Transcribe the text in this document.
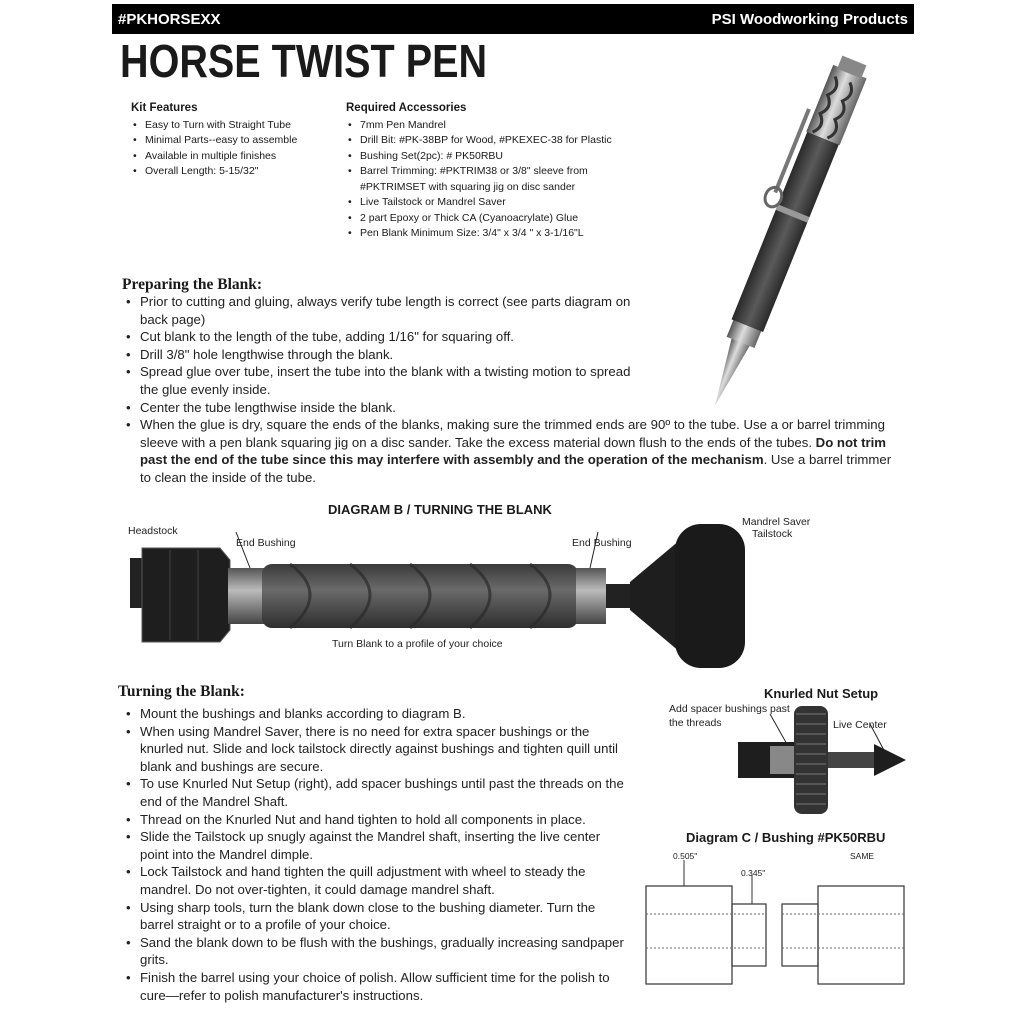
#PKHORSEXX	PSI Woodworking Products
HORSE TWIST PEN
Kit Features
• Easy to Turn with Straight Tube
• Minimal Parts--easy to assemble
• Available in multiple finishes
• Overall Length: 5-15/32"
Required Accessories
• 7mm Pen Mandrel
• Drill Bit: #PK-38BP for Wood, #PKEXEC-38 for Plastic
• Bushing Set(2pc): # PK50RBU
• Barrel Trimming: #PKTRIM38 or 3/8" sleeve from #PKTRIMSET with squaring jig on disc sander
• Live Tailstock or Mandrel Saver
• 2 part Epoxy or Thick CA (Cyanoacrylate) Glue
• Pen Blank Minimum Size: 3/4" x 3/4 " x 3-1/16"L
Preparing the Blank:
• Prior to cutting and gluing, always verify tube length is correct (see parts diagram on back page)
• Cut blank to the length of the tube, adding 1/16" for squaring off.
• Drill 3/8" hole lengthwise through the blank.
• Spread glue over tube, insert the tube into the blank with a twisting motion to spread the glue evenly inside.
• Center the tube lengthwise inside the blank.
• When the glue is dry, square the ends of the blanks, making sure the trimmed ends are 90º to the tube. Use a or barrel trimming sleeve with a pen blank squaring jig on a disc sander. Take the excess material down flush to the ends of the tubes. Do not trim past the end of the tube since this may interfere with assembly and the operation of the mechanism. Use a barrel trimmer to clean the inside of the tube.
DIAGRAM B / TURNING THE BLANK
Headstock
End Bushing	End Bushing
Mandrel Saver
Tailstock
Turn Blank to a profile of your choice
Turning the Blank:
• Mount the bushings and blanks according to diagram B.
• When using Mandrel Saver, there is no need for extra spacer bushings or the knurled nut. Slide and lock tailstock directly against bushings and tighten quill until blank and bushings are secure.
• To use Knurled Nut Setup (right), add spacer bushings until past the threads on the end of the Mandrel Shaft.
• Thread on the Knurled Nut and hand tighten to hold all components in place.
• Slide the Tailstock up snugly against the Mandrel shaft, inserting the live center point into the Mandrel dimple.
• Lock Tailstock and hand tighten the quill adjustment with wheel to steady the mandrel. Do not over-tighten, it could damage mandrel shaft.
• Using sharp tools, turn the blank down close to the bushing diameter. Turn the barrel straight or to a profile of your choice.
• Sand the blank down to be flush with the bushings, gradually increasing sandpaper grits.
• Finish the barrel using your choice of polish. Allow sufficient time for the polish to cure—refer to polish manufacturer's instructions.
Knurled Nut Setup
Add spacer bushings past
the threads	Live Center
Diagram C / Bushing #PK50RBU
0.505"
0.345"
SAME
